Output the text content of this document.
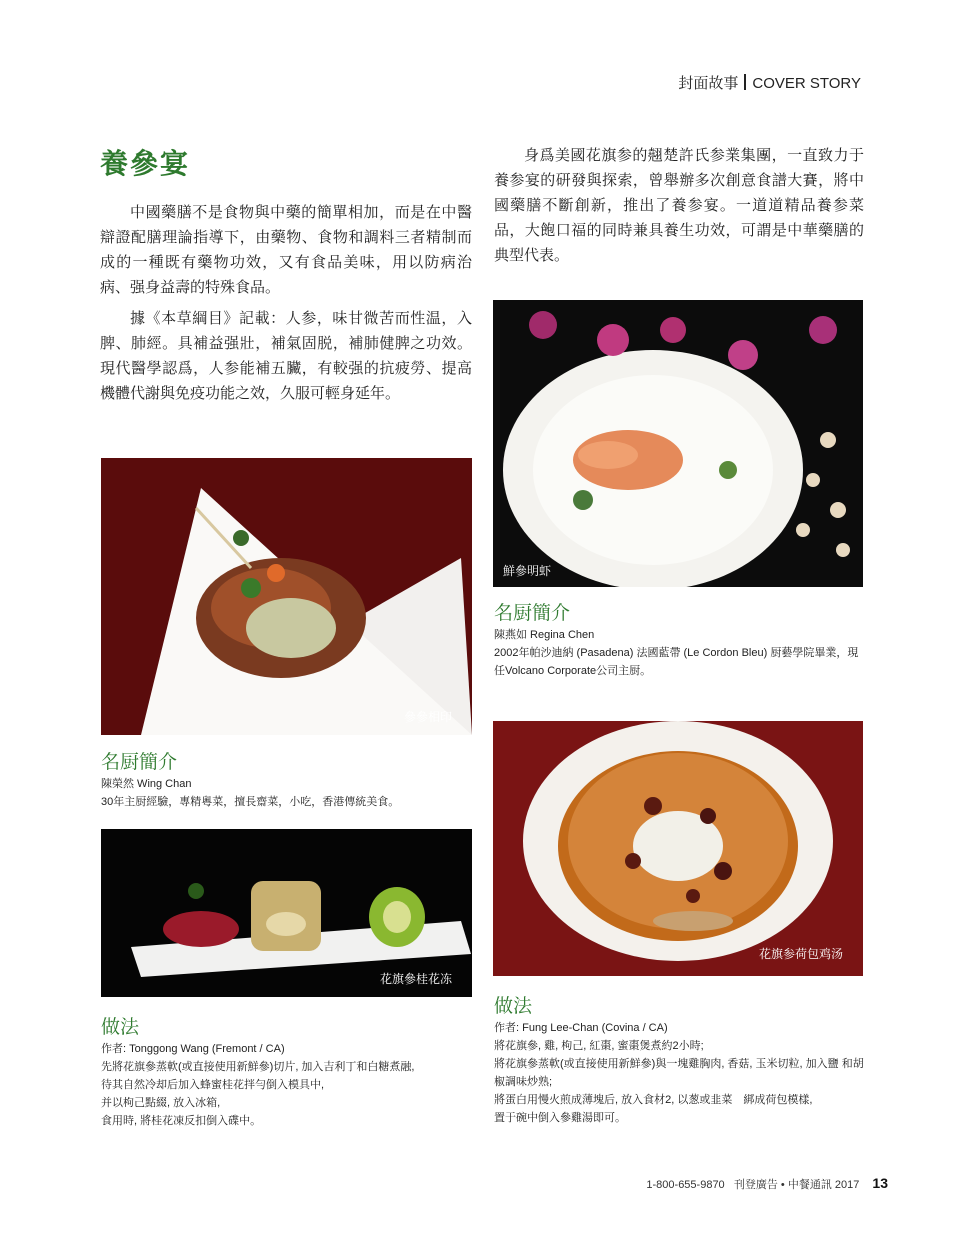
封面故事 COVER STORY
養參宴

中國藥膳不是食物與中藥的簡單相加，而是在中醫辯證配膳理論指導下，由藥物、食物和調料三者精制而成的一種既有藥物功效，又有食品美味，用以防病治病、强身益壽的特殊食品。

據《本草綱目》記載：人参，味甘微苦而性温，入脾、肺經。具補益强壯，補氣固脱，補肺健脾之功效。現代醫學認爲，人参能補五臟，有較强的抗疲勞、提高機體代謝與免疫功能之效，久服可輕身延年。

身爲美國花旗参的翹楚許氏参業集團，一直致力于養参宴的研發與探索，曾舉辦多次創意食譜大賽，將中國藥膳不斷創新，推出了養参宴。一道道精品養参菜品，大飽口福的同時兼具養生功效，可謂是中華藥膳的典型代表。

鮮參明虾
名厨簡介
陳燕如 Regina Chen
2002年帕沙迪納 (Pasadena) 法國藍帶 (Le Cordon Bleu) 厨藝學院畢業，現任Volcano Corporate公司主厨。
參參相印
名厨簡介
陳榮然 Wing Chan
30年主厨經驗，專精粵菜，擅長齋菜，小吃，香港傳統美食。
花旗參桂花冻
做法
作者: Tonggong Wang (Fremont / CA)
先將花旗參蒸軟(或直接使用新鮮參)切片, 加入吉利丁和白糖煮融,
待其自然冷却后加入蜂蜜桂花拌勻倒入模具中,
并以枸己點綴, 放入冰箱,
食用時, 將桂花凍反扣倒入碟中。
花旗参荷包鸡汤
做法
作者: Fung Lee-Chan (Covina / CA)
將花旗參, 雞, 枸己, 紅棗, 蜜棗煲煮約2小時;
將花旗參蒸軟(或直接使用新鮮參)與一塊雞胸肉, 香菇, 玉米切粒, 加入鹽 和胡椒調味炒熟;
將蛋白用慢火煎成薄塊后, 放入食材2, 以葱或韭菜　綁成荷包模樣,
置于碗中倒入參雞湯即可。
1-800-655-9870 刊登廣告 • 中餐通訊 2017 13
